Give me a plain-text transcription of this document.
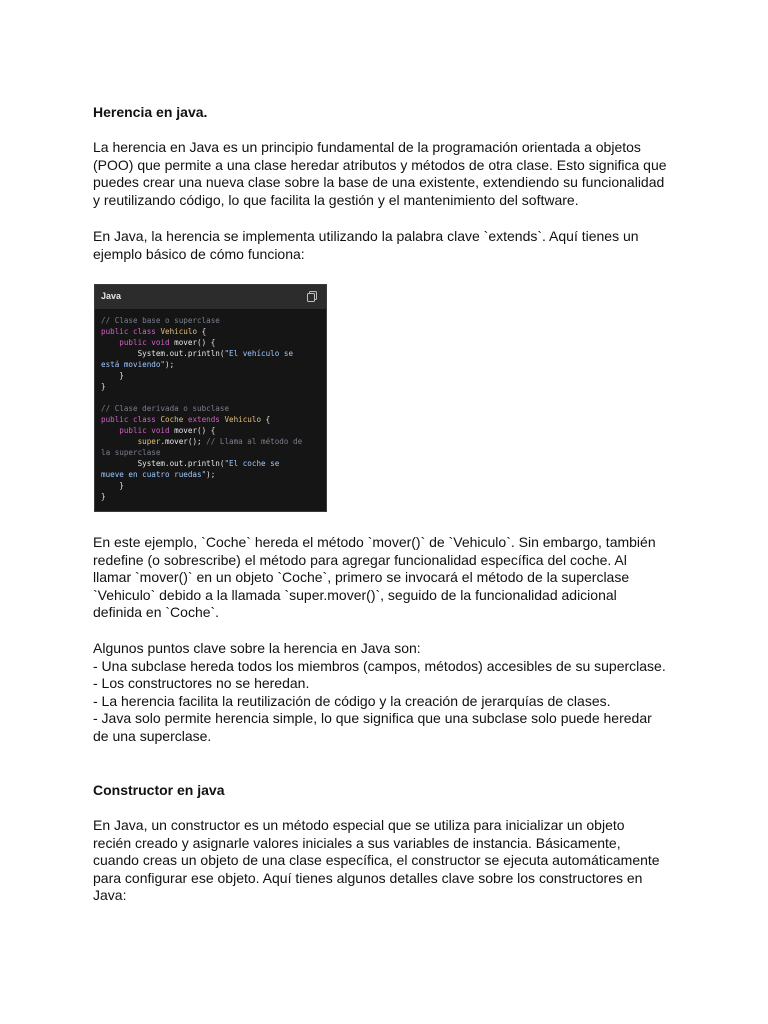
Herencia en java.

La herencia en Java es un principio fundamental de la programación orientada a objetos
(POO) que permite a una clase heredar atributos y métodos de otra clase. Esto significa que
puedes crear una nueva clase sobre la base de una existente, extendiendo su funcionalidad
y reutilizando código, lo que facilita la gestión y el mantenimiento del software.

En Java, la herencia se implementa utilizando la palabra clave `extends`. Aquí tienes un
ejemplo básico de cómo funciona:

Java
// Clase base o superclase
public class Vehiculo {
public void mover() {
System.out.println("El vehículo se
está moviendo");
}
}

// Clase derivada o subclase
public class Coche extends Vehiculo {
public void mover() {
super.mover(); // Llama al método de
la superclase
System.out.println("El coche se
mueve en cuatro ruedas");
}
}

En este ejemplo, `Coche` hereda el método `mover()` de `Vehiculo`. Sin embargo, también
redefine (o sobrescribe) el método para agregar funcionalidad específica del coche. Al
llamar `mover()` en un objeto `Coche`, primero se invocará el método de la superclase
`Vehiculo` debido a la llamada `super.mover()`, seguido de la funcionalidad adicional
definida en `Coche`.

Algunos puntos clave sobre la herencia en Java son:
- Una subclase hereda todos los miembros (campos, métodos) accesibles de su superclase.
- Los constructores no se heredan.
- La herencia facilita la reutilización de código y la creación de jerarquías de clases.
- Java solo permite herencia simple, lo que significa que una subclase solo puede heredar
de una superclase.

Constructor en java

En Java, un constructor es un método especial que se utiliza para inicializar un objeto
recién creado y asignarle valores iniciales a sus variables de instancia. Básicamente,
cuando creas un objeto de una clase específica, el constructor se ejecuta automáticamente
para configurar ese objeto. Aquí tienes algunos detalles clave sobre los constructores en
Java:
